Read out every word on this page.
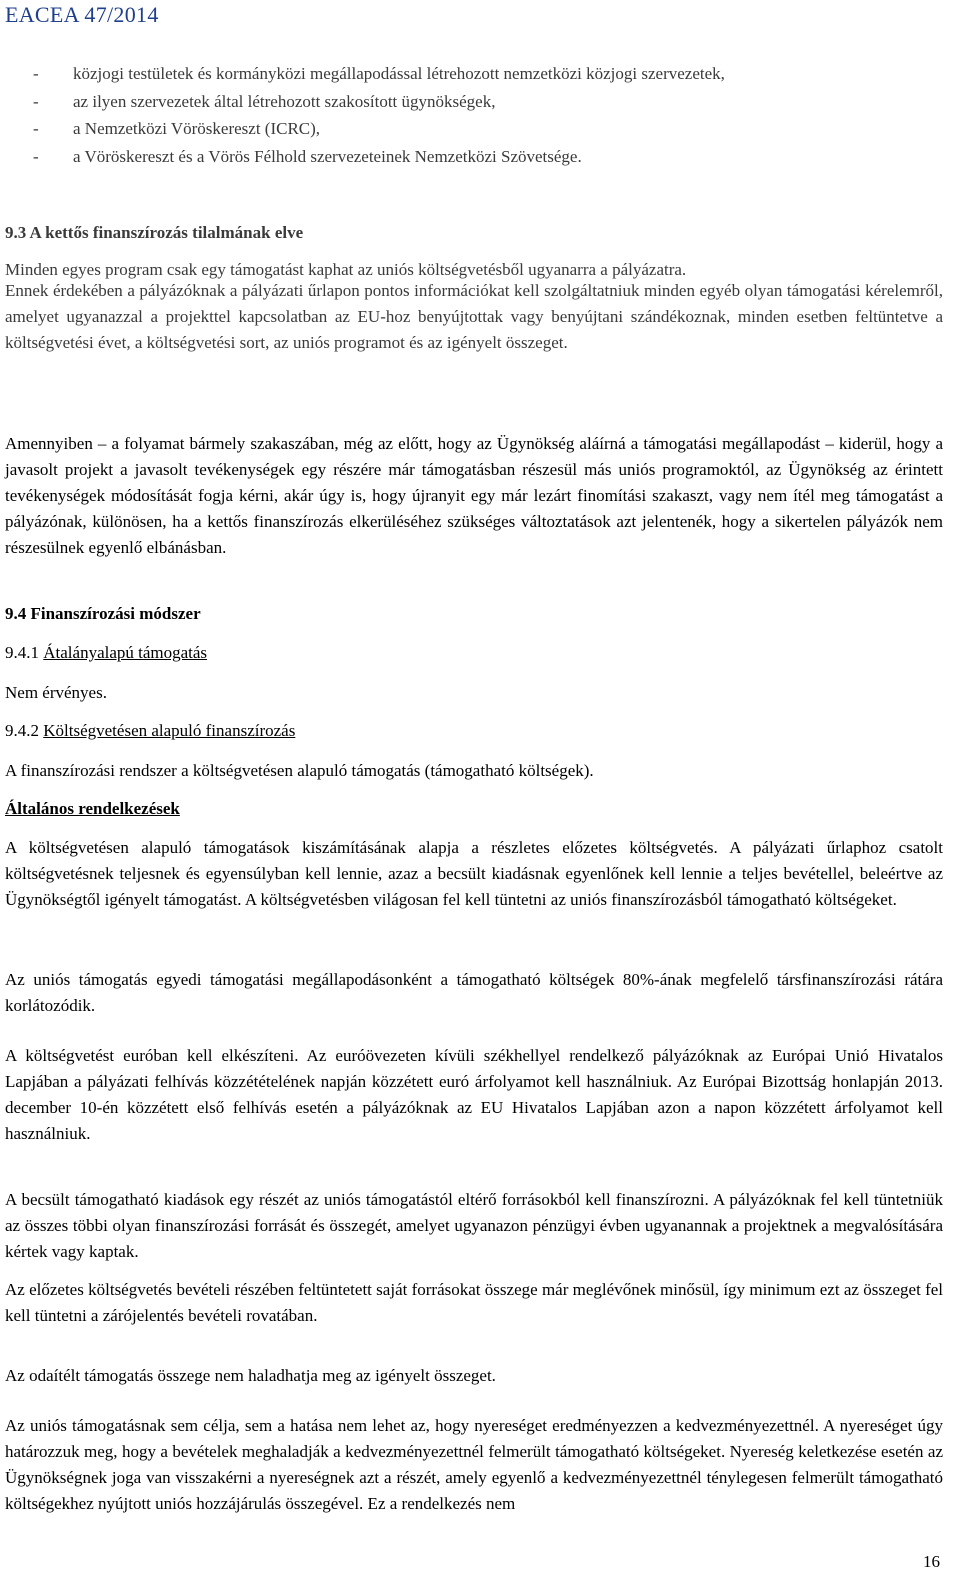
EACEA 47/2014
- közjogi testületek és kormányközi megállapodással létrehozott nemzetközi közjogi szervezetek,
- az ilyen szervezetek által létrehozott szakosított ügynökségek,
- a Nemzetközi Vöröskereszt (ICRC),
- a Vöröskereszt és a Vörös Félhold szervezeteinek Nemzetközi Szövetsége.
9.3 A kettős finanszírozás tilalmának elve
Minden egyes program csak egy támogatást kaphat az uniós költségvetésből ugyanarra a pályázatra.
Ennek érdekében a pályázóknak a pályázati űrlapon pontos információkat kell szolgáltatniuk minden egyéb olyan támogatási kérelemről, amelyet ugyanazzal a projekttel kapcsolatban az EU-hoz benyújtottak vagy benyújtani szándékoznak, minden esetben feltüntetve a költségvetési évet, a költségvetési sort, az uniós programot és az igényelt összeget.
Amennyiben – a folyamat bármely szakaszában, még az előtt, hogy az Ügynökség aláírná a támogatási megállapodást – kiderül, hogy a javasolt projekt a javasolt tevékenységek egy részére már támogatásban részesül más uniós programoktól, az Ügynökség az érintett tevékenységek módosítását fogja kérni, akár úgy is, hogy újranyit egy már lezárt finomítási szakaszt, vagy nem ítél meg támogatást a pályázónak, különösen, ha a kettős finanszírozás elkerüléséhez szükséges változtatások azt jelentenék, hogy a sikertelen pályázók nem részesülnek egyenlő elbánásban.
9.4 Finanszírozási módszer
9.4.1 Átalányalapú támogatás
Nem érvényes.
9.4.2 Költségvetésen alapuló finanszírozás
A finanszírozási rendszer a költségvetésen alapuló támogatás (támogatható költségek).
Általános rendelkezések
A költségvetésen alapuló támogatások kiszámításának alapja a részletes előzetes költségvetés. A pályázati űrlaphoz csatolt költségvetésnek teljesnek és egyensúlyban kell lennie, azaz a becsült kiadásnak egyenlőnek kell lennie a teljes bevétellel, beleértve az Ügynökségtől igényelt támogatást. A költségvetésben világosan fel kell tüntetni az uniós finanszírozásból támogatható költségeket.
Az uniós támogatás egyedi támogatási megállapodásonként a támogatható költségek 80%-ának megfelelő társfinanszírozási rátára korlátozódik.
A költségvetést euróban kell elkészíteni. Az euróövezeten kívüli székhellyel rendelkező pályázóknak az Európai Unió Hivatalos Lapjában a pályázati felhívás közzétételének napján közzétett euró árfolyamot kell használniuk. Az Európai Bizottság honlapján 2013. december 10-én közzétett első felhívás esetén a pályázóknak az EU Hivatalos Lapjában azon a napon közzétett árfolyamot kell használniuk.
A becsült támogatható kiadások egy részét az uniós támogatástól eltérő forrásokból kell finanszírozni. A pályázóknak fel kell tüntetniük az összes többi olyan finanszírozási forrását és összegét, amelyet ugyanazon pénzügyi évben ugyanannak a projektnek a megvalósítására kértek vagy kaptak.
Az előzetes költségvetés bevételi részében feltüntetett saját forrásokat összege már meglévőnek minősül, így minimum ezt az összeget fel kell tüntetni a zárójelentés bevételi rovatában.
Az odaítélt támogatás összege nem haladhatja meg az igényelt összeget.
Az uniós támogatásnak sem célja, sem a hatása nem lehet az, hogy nyereséget eredményezzen a kedvezményezettnél. A nyereséget úgy határozzuk meg, hogy a bevételek meghaladják a kedvezményezettnél felmerült támogatható költségeket. Nyereség keletkezése esetén az Ügynökségnek joga van visszakérni a nyereségnek azt a részét, amely egyenlő a kedvezményezettnél ténylegesen felmerült támogatható költségekhez nyújtott uniós hozzájárulás összegével. Ez a rendelkezés nem
16
